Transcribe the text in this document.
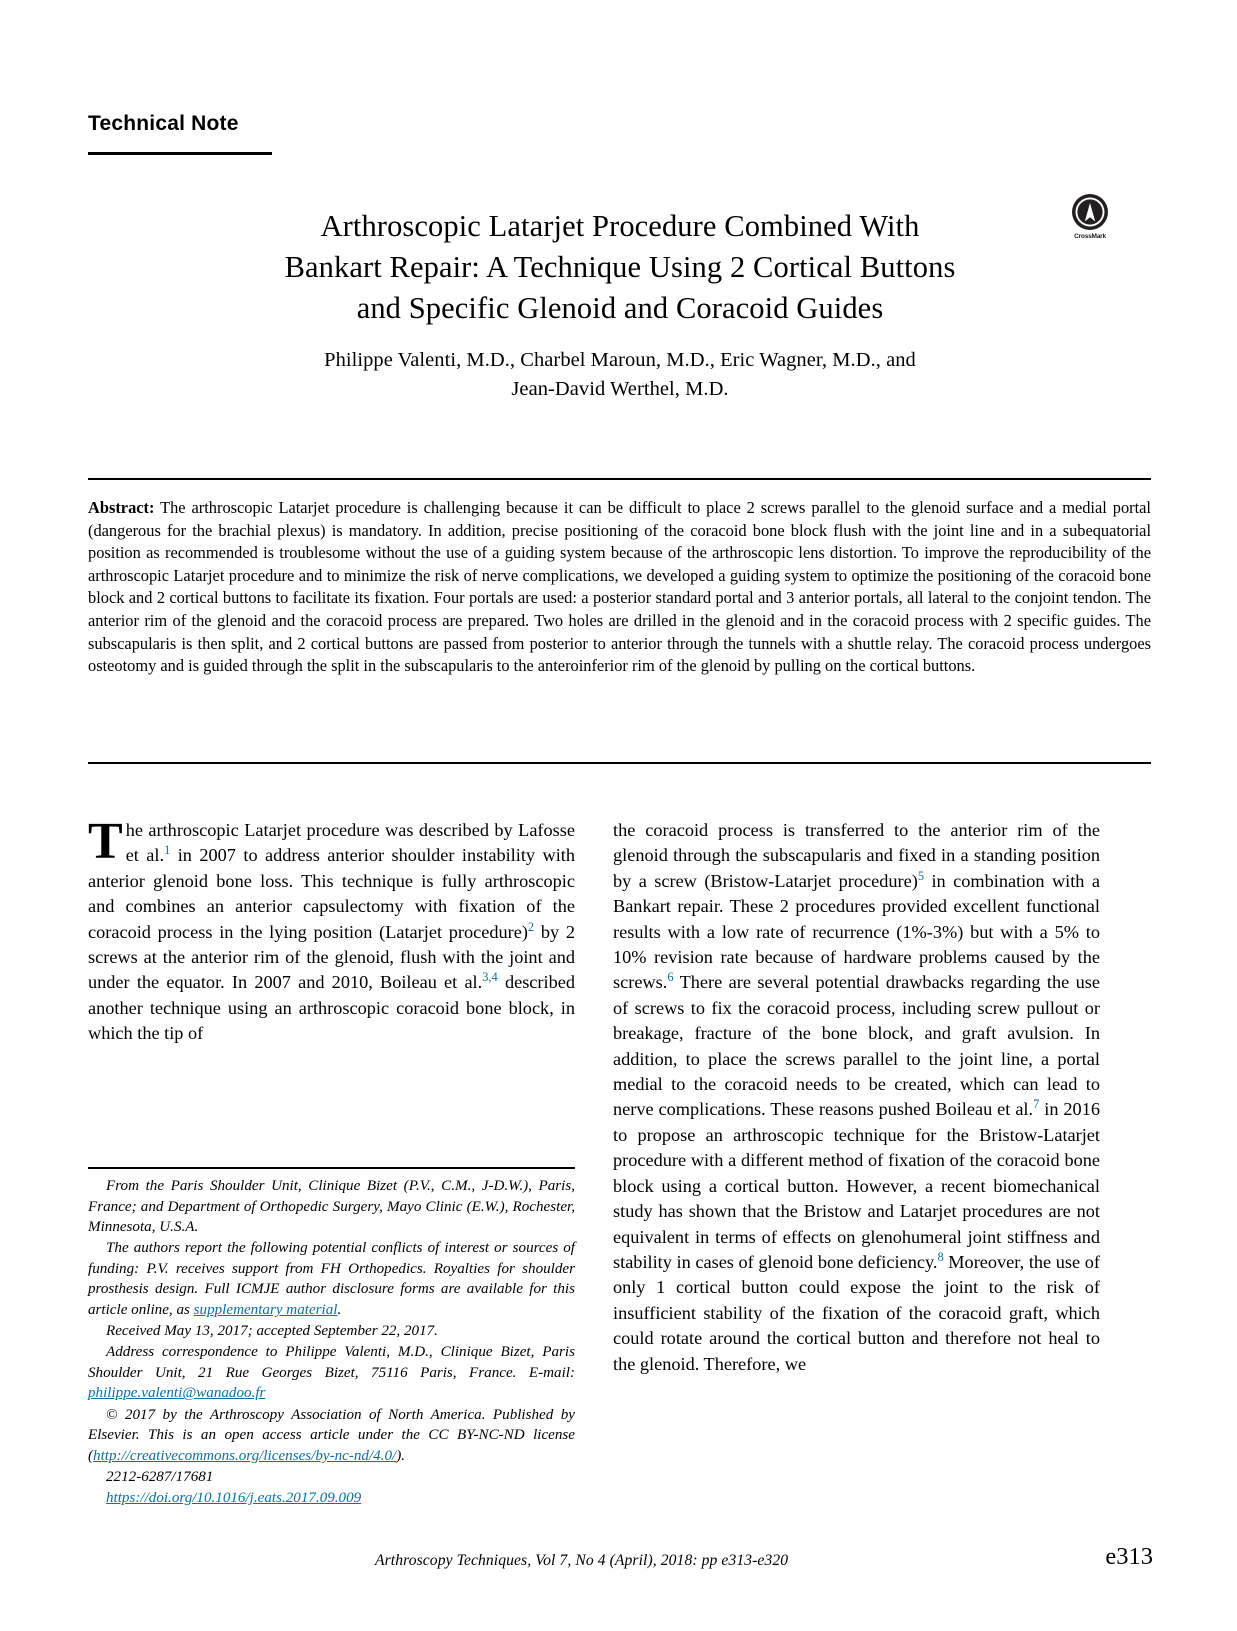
Technical Note
CrossMark
Arthroscopic Latarjet Procedure Combined With
Bankart Repair: A Technique Using 2 Cortical Buttons
and Specific Glenoid and Coracoid Guides
Philippe Valenti, M.D., Charbel Maroun, M.D., Eric Wagner, M.D., and
Jean-David Werthel, M.D.
Abstract: The arthroscopic Latarjet procedure is challenging because it can be difficult to place 2 screws parallel to the glenoid surface and a medial portal (dangerous for the brachial plexus) is mandatory. In addition, precise positioning of the coracoid bone block flush with the joint line and in a subequatorial position as recommended is troublesome without the use of a guiding system because of the arthroscopic lens distortion. To improve the reproducibility of the arthroscopic Latarjet procedure and to minimize the risk of nerve complications, we developed a guiding system to optimize the positioning of the coracoid bone block and 2 cortical buttons to facilitate its fixation. Four portals are used: a posterior standard portal and 3 anterior portals, all lateral to the conjoint tendon. The anterior rim of the glenoid and the coracoid process are prepared. Two holes are drilled in the glenoid and in the coracoid process with 2 specific guides. The subscapularis is then split, and 2 cortical buttons are passed from posterior to anterior through the tunnels with a shuttle relay. The coracoid process undergoes osteotomy and is guided through the split in the subscapularis to the anteroinferior rim of the glenoid by pulling on the cortical buttons.

The arthroscopic Latarjet procedure was described by Lafosse et al.$^1$ in 2007 to address anterior shoulder instability with anterior glenoid bone loss. This technique is fully arthroscopic and combines an anterior capsulectomy with fixation of the coracoid process in the lying position (Latarjet procedure)$^2$ by 2 screws at the anterior rim of the glenoid, flush with the joint and under the equator. In 2007 and 2010, Boileau et al.$^{3,4}$ described another technique using an arthroscopic coracoid bone block, in which the tip of

the coracoid process is transferred to the anterior rim of the glenoid through the subscapularis and fixed in a standing position by a screw (Bristow-Latarjet procedure)$^5$ in combination with a Bankart repair. These 2 procedures provided excellent functional results with a low rate of recurrence (1%-3%) but with a 5% to 10% revision rate because of hardware problems caused by the screws.$^6$ There are several potential drawbacks regarding the use of screws to fix the coracoid process, including screw pullout or breakage, fracture of the bone block, and graft avulsion. In addition, to place the screws parallel to the joint line, a portal medial to the coracoid needs to be created, which can lead to nerve complications. These reasons pushed Boileau et al.$^7$ in 2016 to propose an arthroscopic technique for the Bristow-Latarjet procedure with a different method of fixation of the coracoid bone block using a cortical button. However, a recent biomechanical study has shown that the Bristow and Latarjet procedures are not equivalent in terms of effects on glenohumeral joint stiffness and stability in cases of glenoid bone deficiency.$^8$ Moreover, the use of only 1 cortical button could expose the joint to the risk of insufficient stability of the fixation of the coracoid graft, which could rotate around the cortical button and therefore not heal to the glenoid. Therefore, we

From the Paris Shoulder Unit, Clinique Bizet (P.V., C.M., J-D.W.), Paris, France; and Department of Orthopedic Surgery, Mayo Clinic (E.W.), Rochester, Minnesota, U.S.A.

The authors report the following potential conflicts of interest or sources of funding: P.V. receives support from FH Orthopedics. Royalties for shoulder prosthesis design. Full ICMJE author disclosure forms are available for this article online, as supplementary material.

Received May 13, 2017; accepted September 22, 2017.

Address correspondence to Philippe Valenti, M.D., Clinique Bizet, Paris Shoulder Unit, 21 Rue Georges Bizet, 75116 Paris, France. E-mail: philippe.valenti@wanadoo.fr

© 2017 by the Arthroscopy Association of North America. Published by Elsevier. This is an open access article under the CC BY-NC-ND license (http://creativecommons.org/licenses/by-nc-nd/4.0/).

2212-6287/17681

https://doi.org/10.1016/j.eats.2017.09.009

Arthroscopy Techniques, Vol 7, No 4 (April), 2018: pp e313-e320	e313
